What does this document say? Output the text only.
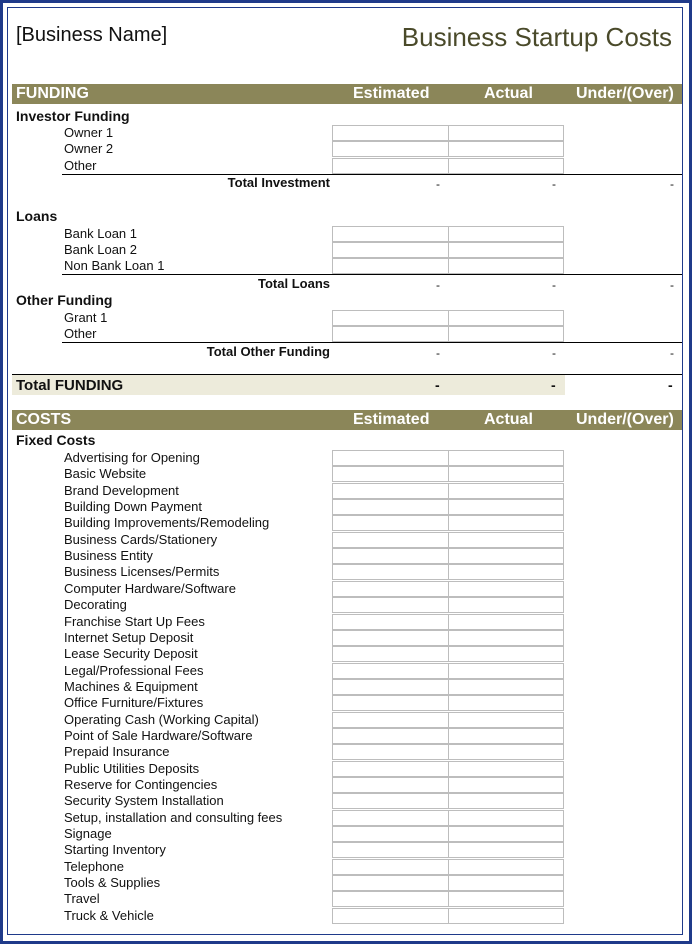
[Business Name]	Business Startup Costs
FUNDING	Estimated	Actual	Under/(Over)
Investor Funding
Owner 1
Owner 2
Other
Total Investment	-	-	-
Loans
Bank Loan 1
Bank Loan 2
Non Bank Loan 1
Total Loans	-	-	-
Other Funding
Grant 1
Other
Total Other Funding	-	-	-
Total FUNDING	-	-	-
COSTS	Estimated	Actual	Under/(Over)
Fixed Costs
Advertising for Opening
Basic Website
Brand Development
Building Down Payment
Building Improvements/Remodeling
Business Cards/Stationery
Business Entity
Business Licenses/Permits
Computer Hardware/Software
Decorating
Franchise Start Up Fees
Internet Setup Deposit
Lease Security Deposit
Legal/Professional Fees
Machines & Equipment
Office Furniture/Fixtures
Operating Cash (Working Capital)
Point of Sale Hardware/Software
Prepaid Insurance
Public Utilities Deposits
Reserve for Contingencies
Security System Installation
Setup, installation and consulting fees
Signage
Starting Inventory
Telephone
Tools & Supplies
Travel
Truck & Vehicle
